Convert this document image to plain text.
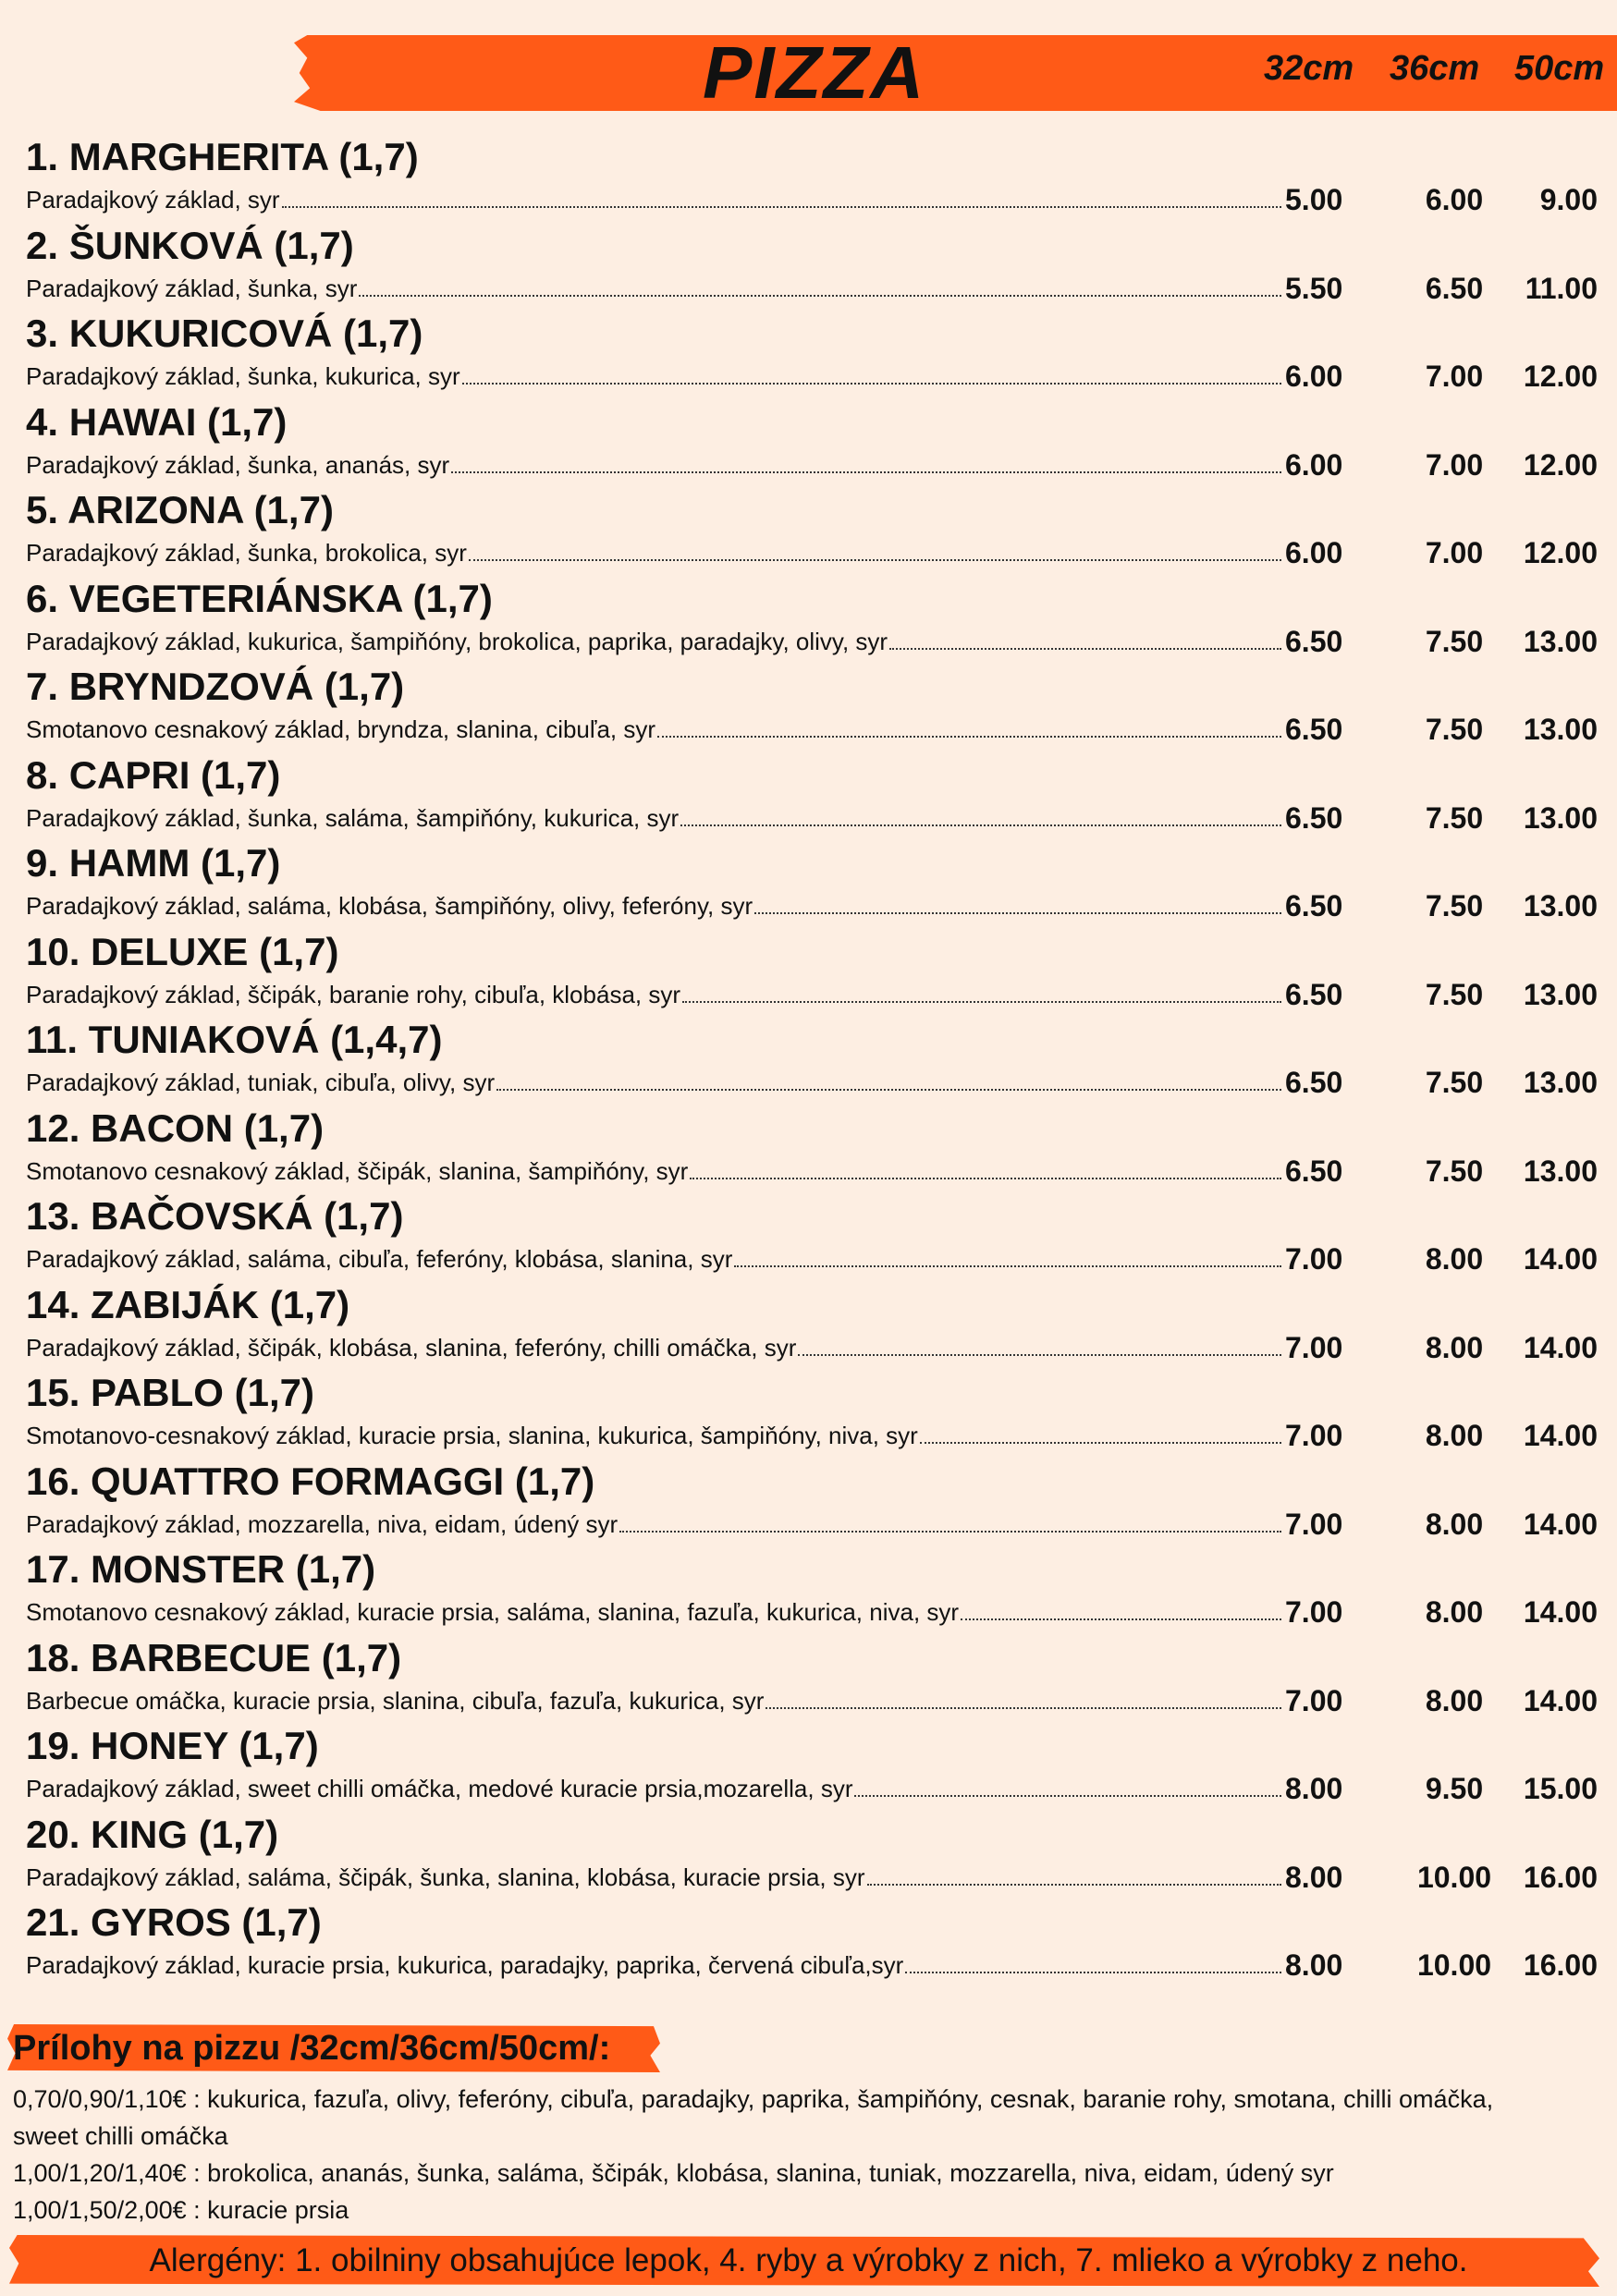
PIZZA	32cm 36cm 50cm
1. MARGHERITA (1,7)
Paradajkový základ, syr	5.00	6.00	9.00
2. ŠUNKOVÁ (1,7)
Paradajkový základ, šunka, syr	5.50	6.50	11.00
3. KUKURICOVÁ (1,7)
Paradajkový základ, šunka, kukurica, syr	6.00	7.00	12.00
4. HAWAI (1,7)
Paradajkový základ, šunka, ananás, syr	6.00	7.00	12.00
5. ARIZONA (1,7)
Paradajkový základ, šunka, brokolica, syr	6.00	7.00	12.00
6. VEGETERIÁNSKA (1,7)
Paradajkový základ, kukurica, šampiňóny, brokolica, paprika, paradajky, olivy, syr	6.50	7.50	13.00
7. BRYNDZOVÁ (1,7)
Smotanovo cesnakový základ, bryndza, slanina, cibuľa, syr	6.50	7.50	13.00
8. CAPRI (1,7)
Paradajkový základ, šunka, saláma, šampiňóny, kukurica, syr	6.50	7.50	13.00
9. HAMM (1,7)
Paradajkový základ, saláma, klobása, šampiňóny, olivy, feferóny, syr	6.50	7.50	13.00
10. DELUXE (1,7)
Paradajkový základ, ščipák, baranie rohy, cibuľa, klobása, syr	6.50	7.50	13.00
11. TUNIAKOVÁ (1,4,7)
Paradajkový základ, tuniak, cibuľa, olivy, syr	6.50	7.50	13.00
12. BACON (1,7)
Smotanovo cesnakový základ, ščipák, slanina, šampiňóny, syr	6.50	7.50	13.00
13. BAČOVSKÁ (1,7)
Paradajkový základ, saláma, cibuľa, feferóny, klobása, slanina, syr	7.00	8.00	14.00
14. ZABIJÁK (1,7)
Paradajkový základ, ščipák, klobása, slanina, feferóny, chilli omáčka, syr	7.00	8.00	14.00
15. PABLO (1,7)
Smotanovo-cesnakový základ, kuracie prsia, slanina, kukurica, šampiňóny, niva, syr	7.00	8.00	14.00
16. QUATTRO FORMAGGI (1,7)
Paradajkový základ, mozzarella, niva, eidam, údený syr	7.00	8.00	14.00
17. MONSTER (1,7)
Smotanovo cesnakový základ, kuracie prsia, saláma, slanina, fazuľa, kukurica, niva, syr	7.00	8.00	14.00
18. BARBECUE (1,7)
Barbecue omáčka, kuracie prsia, slanina, cibuľa, fazuľa, kukurica, syr	7.00	8.00	14.00
19. HONEY (1,7)
Paradajkový základ, sweet chilli omáčka, medové kuracie prsia,mozarella, syr	8.00	9.50	15.00
20. KING (1,7)
Paradajkový základ, saláma, ščipák, šunka, slanina, klobása, kuracie prsia, syr	8.00	10.00	16.00
21. GYROS (1,7)
Paradajkový základ, kuracie prsia, kukurica, paradajky, paprika, červená cibuľa,syr	8.00	10.00	16.00
Prílohy na pizzu /32cm/36cm/50cm/:
0,70/0,90/1,10€ : kukurica, fazuľa, olivy, feferóny, cibuľa, paradajky, paprika, šampiňóny, cesnak, baranie rohy, smotana, chilli omáčka,
sweet chilli omáčka
1,00/1,20/1,40€ : brokolica, ananás, šunka, saláma, ščipák, klobása, slanina, tuniak, mozzarella, niva, eidam, údený syr
1,00/1,50/2,00€ : kuracie prsia
Alergény: 1. obilniny obsahujúce lepok, 4. ryby a výrobky z nich, 7. mlieko a výrobky z neho.
